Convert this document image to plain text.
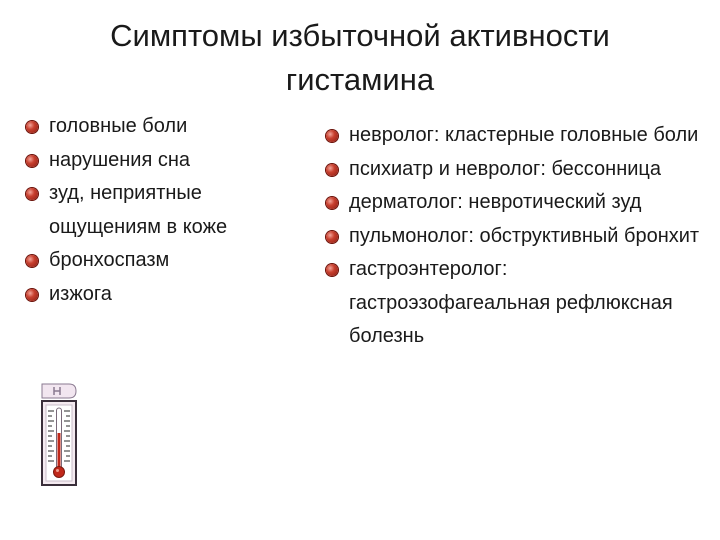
Симптомы избыточной активности гистамина
головные боли
нарушения сна
зуд, неприятные ощущениям в коже
бронхоспазм
изжога
невролог: кластерные головные боли
психиатр и невролог: бессонница
дерматолог: невротический зуд
пульмонолог: обструктивный бронхит
гастроэнтеролог: гастроэзофагеальная рефлюксная болезнь
